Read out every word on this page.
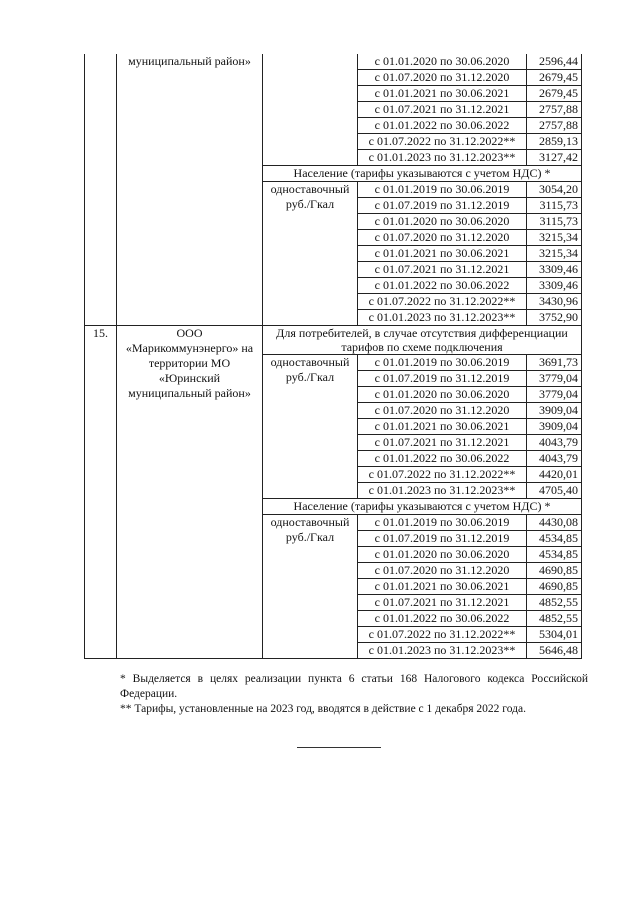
	муниципальный район»		с 01.01.2020 по 30.06.2020	2596,44
			с 01.07.2020 по 31.12.2020	2679,45
			с 01.01.2021 по 30.06.2021	2679,45
			с 01.07.2021 по 31.12.2021	2757,88
			с 01.01.2022 по 30.06.2022	2757,88
			с 01.07.2022 по 31.12.2022**	2859,13
			с 01.01.2023 по 31.12.2023**	3127,42
		Население (тарифы указываются с учетом НДС) *		
		одноставочный руб./Гкал	с 01.01.2019 по 30.06.2019	3054,20
			с 01.07.2019 по 31.12.2019	3115,73
			с 01.01.2020 по 30.06.2020	3115,73
			с 01.07.2020 по 31.12.2020	3215,34
			с 01.01.2021 по 30.06.2021	3215,34
			с 01.07.2021 по 31.12.2021	3309,46
			с 01.01.2022 по 30.06.2022	3309,46
			с 01.07.2022 по 31.12.2022**	3430,96
			с 01.01.2023 по 31.12.2023**	3752,90
15.	ООО «Марикоммунэнерго» на территории МО «Юринский муниципальный район»	Для потребителей, в случае отсутствия дифференциации тарифов по схеме подключения		
		одноставочный руб./Гкал	с 01.01.2019 по 30.06.2019	3691,73
			с 01.07.2019 по 31.12.2019	3779,04
			с 01.01.2020 по 30.06.2020	3779,04
			с 01.07.2020 по 31.12.2020	3909,04
			с 01.01.2021 по 30.06.2021	3909,04
			с 01.07.2021 по 31.12.2021	4043,79
			с 01.01.2022 по 30.06.2022	4043,79
			с 01.07.2022 по 31.12.2022**	4420,01
			с 01.01.2023 по 31.12.2023**	4705,40
		Население (тарифы указываются с учетом НДС) *		
		одноставочный руб./Гкал	с 01.01.2019 по 30.06.2019	4430,08
			с 01.07.2019 по 31.12.2019	4534,85
			с 01.01.2020 по 30.06.2020	4534,85
			с 01.07.2020 по 31.12.2020	4690,85
			с 01.01.2021 по 30.06.2021	4690,85
			с 01.07.2021 по 31.12.2021	4852,55
			с 01.01.2022 по 30.06.2022	4852,55
			с 01.07.2022 по 31.12.2022**	5304,01
			с 01.01.2023 по 31.12.2023**	5646,48
* Выделяется в целях реализации пункта 6 статьи 168 Налогового кодекса Российской Федерации.
** Тарифы, установленные на 2023 год, вводятся в действие с 1 декабря 2022 года.
